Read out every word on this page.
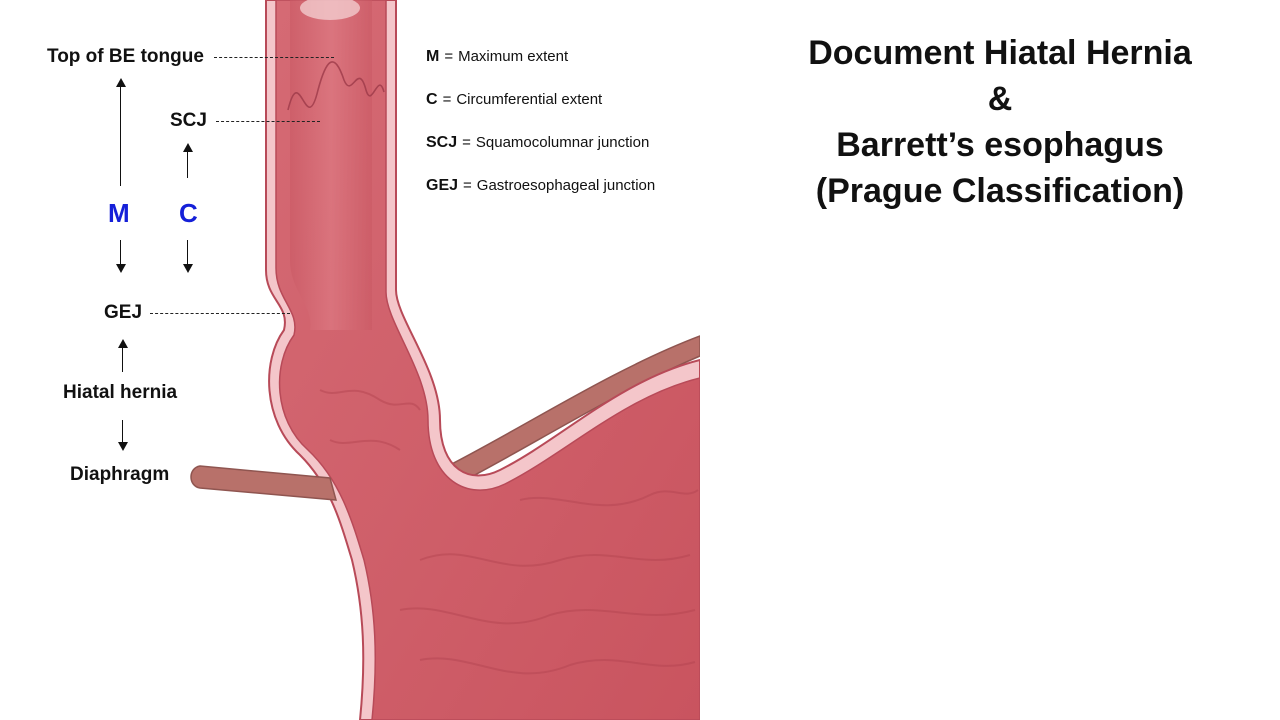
Top of BE tongue
SCJ
M C
GEJ
Hiatal hernia
Diaphragm
M = Maximum extent
C = Circumferential extent
SCJ = Squamocolumnar junction
GEJ = Gastroesophageal junction
Document Hiatal Hernia
&
Barrett’s esophagus
(Prague Classification)
